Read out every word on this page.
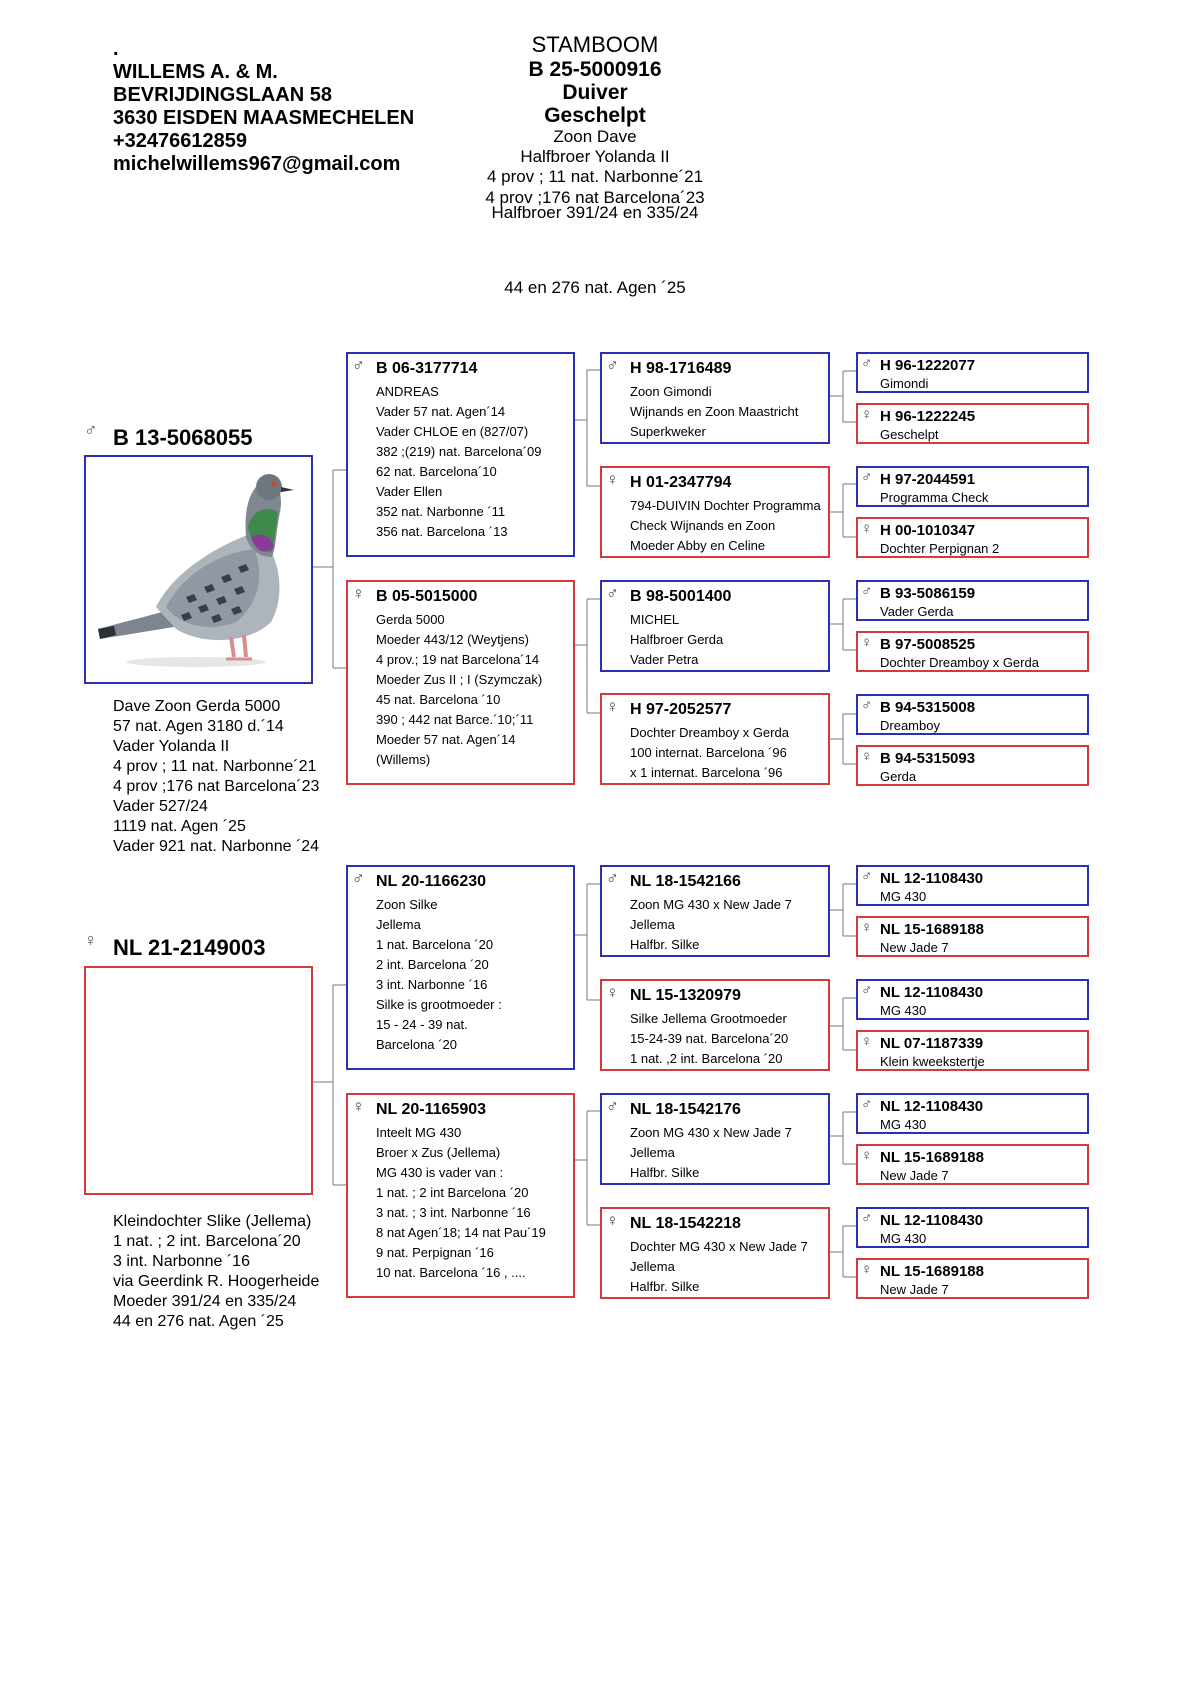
.
WILLEMS A. & M.
BEVRIJDINGSLAAN 58
3630 EISDEN MAASMECHELEN
+32476612859
michelwillems967@gmail.com
STAMBOOM
B 25-5000916
Duiver
Geschelpt
Zoon Dave
Halfbroer Yolanda II
4 prov ; 11 nat. Narbonne´21
4 prov ;176 nat Barcelona´23
Halfbroer 391/24 en 335/24
44 en 276 nat. Agen ´25
♂ B 13-5068055
Dave Zoon Gerda 5000
57 nat. Agen 3180 d.´14
Vader Yolanda II
4 prov ; 11 nat. Narbonne´21
4 prov ;176 nat Barcelona´23
Vader 527/24
1119 nat. Agen ´25
Vader 921 nat. Narbonne ´24
♀ NL 21-2149003
Kleindochter Slike (Jellema)
1 nat. ; 2 int. Barcelona´20
3 int. Narbonne ´16
via Geerdink R. Hoogerheide
Moeder 391/24 en 335/24
44 en 276 nat. Agen ´25
♂ B 06-3177714
ANDREAS
Vader 57 nat. Agen´14
Vader CHLOE en (827/07)
382 ;(219) nat. Barcelona´09
62 nat. Barcelona´10
Vader Ellen
352 nat. Narbonne ´11
356 nat. Barcelona ´13
♀ B 05-5015000
Gerda 5000
Moeder 443/12 (Weytjens)
4 prov.; 19 nat Barcelona´14
Moeder Zus II ; I (Szymczak)
45 nat. Barcelona ´10
390 ; 442 nat Barce.´10;´11
Moeder 57 nat. Agen´14
(Willems)
♂ NL 20-1166230
Zoon Silke
Jellema
1 nat. Barcelona ´20
2 int. Barcelona ´20
3 int. Narbonne ´16
Silke is grootmoeder :
15 - 24 - 39 nat.
Barcelona ´20
♀ NL 20-1165903
Inteelt MG 430
Broer x Zus (Jellema)
MG 430 is vader van :
1 nat. ; 2 int Barcelona ´20
3 nat. ; 3 int. Narbonne ´16
8 nat Agen´18; 14 nat Pau´19
9 nat. Perpignan ´16
10 nat. Barcelona ´16 , ....
♂ H 98-1716489
Zoon Gimondi
Wijnands en Zoon Maastricht
Superkweker
♀ H 01-2347794
794-DUIVIN Dochter Programma
Check Wijnands en Zoon
Moeder Abby en Celine
♂ B 98-5001400
MICHEL
Halfbroer Gerda
Vader Petra
♀ H 97-2052577
Dochter Dreamboy x Gerda
100 internat. Barcelona ´96
x 1 internat. Barcelona ´96
♂ NL 18-1542166
Zoon MG 430 x New Jade 7
Jellema
Halfbr. Silke
♀ NL 15-1320979
Silke Jellema Grootmoeder
15-24-39 nat. Barcelona´20
1 nat. ,2 int. Barcelona ´20
♂ NL 18-1542176
Zoon MG 430 x New Jade 7
Jellema
Halfbr. Silke
♀ NL 18-1542218
Dochter MG 430 x New Jade 7
Jellema
Halfbr. Silke
♂ H 96-1222077
Gimondi
♀ H 96-1222245
Geschelpt
♂ H 97-2044591
Programma Check
♀ H 00-1010347
Dochter Perpignan 2
♂ B 93-5086159
Vader Gerda
♀ B 97-5008525
Dochter Dreamboy x Gerda
♂ B 94-5315008
Dreamboy
♀ B 94-5315093
Gerda
♂ NL 12-1108430
MG 430
♀ NL 15-1689188
New Jade 7
♂ NL 12-1108430
MG 430
♀ NL 07-1187339
Klein kweekstertje
♂ NL 12-1108430
MG 430
♀ NL 15-1689188
New Jade 7
♂ NL 12-1108430
MG 430
♀ NL 15-1689188
New Jade 7
